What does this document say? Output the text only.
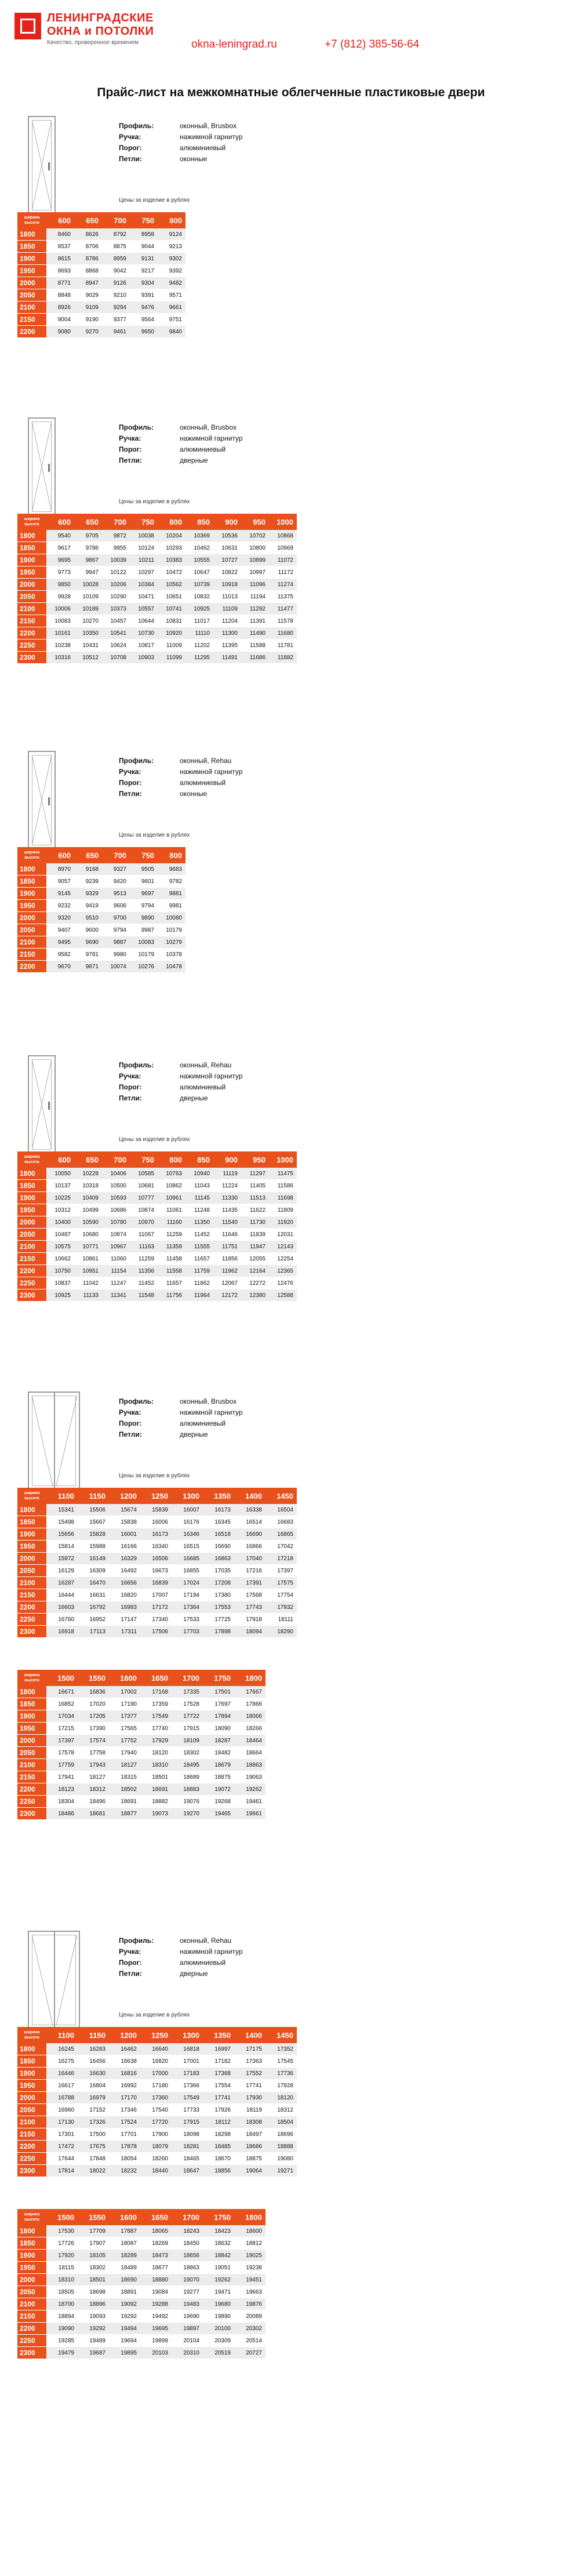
ЛЕНИНГРАДСКИЕ
ОКНА и ПОТОЛКИ
Качество, проверенное временем	okna-leningrad.ru	+7 (812) 385-56-64
Прайс-лист на межкомнатные облегченные пластиковые двери
Профиль:	оконный, Brusbox
Ручка:	нажимной гарнитур
Порог:	алюминиевый
Петли:	оконные
Цены за изделие в рублях
ширина
высота	600	650	700	750	800
1800	8460	8626	8792	8958	9124
1850	8537	8706	8875	9044	9213
1900	8615	8786	8959	9131	9302
1950	8693	8868	9042	9217	9392
2000	8771	8947	9126	9304	9482
2050	8848	9029	9210	9391	9571
2100	8926	9109	9294	9476	9661
2150	9004	9190	9377	9564	9751
2200	9080	9270	9461	9650	9840
Профиль:	оконный, Brusbox
Ручка:	нажимной гарнитур
Порог:	алюминиевый
Петли:	дверные
Цены за изделие в рублях
ширина
высота	600	650	700	750	800	850	900	950	1000
1800	9540	9705	9872	10038	10204	10369	10536	10702	10868
1850	9617	9786	9955	10124	10293	10462	10631	10800	10969
1900	9695	9867	10039	10211	10383	10555	10727	10899	11072
1950	9773	9947	10122	10297	10472	10647	10822	10997	11172
2000	9850	10028	10206	10384	10562	10739	10918	11096	11274
2050	9928	10109	10290	10471	10651	10832	11013	11194	11375
2100	10006	10189	10373	10557	10741	10925	11109	11292	11477
2150	10083	10270	10457	10644	10831	11017	11204	11391	11578
2200	10161	10350	10541	10730	10920	11110	11300	11490	11680
2250	10238	10431	10624	10817	11009	11202	11395	11588	11781
2300	10316	10512	10708	10903	11099	11295	11491	11686	11882
Профиль:	оконный, Rehau
Ручка:	нажимной гарнитур
Порог:	алюминиевый
Петли:	оконные
Цены за изделие в рублях
ширина
высота	600	650	700	750	800
1800	8970	9168	9327	9505	9683
1850	9057	9239	9420	9601	9782
1900	9145	9329	9513	9697	9881
1950	9232	9419	9606	9794	9981
2000	9320	9510	9700	9890	10080
2050	9407	9600	9794	9987	10179
2100	9495	9690	9887	10083	10279
2150	9582	9781	9980	10179	10378
2200	9670	9871	10074	10276	10478
Профиль:	оконный, Rehau
Ручка:	нажимной гарнитур
Порог:	алюминиевый
Петли:	дверные
Цены за изделие в рублях
ширина
высота	600	650	700	750	800	850	900	950	1000
1800	10050	10228	10406	10585	10763	10940	11119	11297	11475
1850	10137	10318	10500	10681	10862	11043	11224	11405	11586
1900	10225	10409	10593	10777	10961	11145	11330	11513	11698
1950	10312	10499	10686	10874	11061	11248	11435	11622	11809
2000	10400	10590	10780	10970	11160	11350	11540	11730	11920
2050	10487	10680	10874	11067	11259	11452	11646	11839	12031
2100	10575	10771	10967	11163	11359	11555	11751	11947	12143
2150	10662	10861	11060	11259	11458	11657	11856	12055	12254
2200	10750	10951	11154	11356	11558	11759	11962	12164	12365
2250	10837	11042	11247	11452	11657	11862	12067	12272	12476
2300	10925	11133	11341	11548	11756	11964	12172	12380	12588
Профиль:	оконный, Brusbox
Ручка:	нажимной гарнитур
Порог:	алюминиевый
Петли:	дверные
Цены за изделие в рублях
ширина
высота	1100	1150	1200	1250	1300	1350	1400	1450
1800	15341	15506	15674	15839	16007	16173	16338	16504
1850	15498	15667	15838	16006	16176	16345	16514	16683
1900	15656	15828	16001	16173	16346	16518	16690	16865
1950	15814	15988	16166	16340	16515	16690	16866	17042
2000	15972	16149	16329	16506	16685	16863	17040	17218
2050	16129	16309	16492	16673	16855	17035	17216	17397
2100	16287	16470	16656	16839	17024	17208	17391	17575
2150	16444	16631	16820	17007	17194	17380	17568	17754
2200	16603	16792	16983	17172	17364	17553	17743	17932
2250	16760	16952	17147	17340	17533	17725	17918	18111
2300	16918	17113	17311	17506	17703	17898	18094	18290
ширина
высота	1500	1550	1600	1650	1700	1750	1800
1800	16671	16836	17002	17168	17335	17501	17667
1850	16852	17020	17190	17359	17528	17697	17866
1900	17034	17205	17377	17549	17722	17894	18066
1950	17215	17390	17565	17740	17915	18090	18266
2000	17397	17574	17752	17929	18109	18287	18464
2050	17578	17758	17940	18120	18302	18482	18664
2100	17759	17943	18127	18310	18495	18679	18863
2150	17941	18127	18315	18501	18689	18875	19063
2200	18123	18312	18502	18691	18883	19072	19262
2250	18304	18496	18691	18882	19076	19268	19461
2300	18486	18681	18877	19073	19270	19465	19661
Профиль:	оконный, Rehau
Ручка:	нажимной гарнитур
Порог:	алюминиевый
Петли:	дверные
Цены за изделие в рублях
ширина
высота	1100	1150	1200	1250	1300	1350	1400	1450
1800	16245	16283	16462	16640	16818	16997	17175	17352
1850	16275	16456	16638	16820	17001	17182	17363	17545
1900	16446	16630	16816	17000	17183	17368	17552	17736
1950	16617	16804	16992	17180	17366	17554	17741	17928
2000	16788	16979	17170	17360	17549	17741	17930	18120
2050	16960	17152	17346	17540	17733	17926	18119	18312
2100	17130	17326	17524	17720	17915	18112	18308	18504
2150	17301	17500	17701	17900	18098	18298	18497	18696
2200	17472	17675	17878	18079	18281	18485	18686	18888
2250	17644	17848	18054	18260	18465	18670	18875	19080
2300	17814	18022	18232	18440	18647	18856	19064	19271
ширина
высота	1500	1550	1600	1650	1700	1750	1800
1800	17530	17709	17887	18065	18243	18423	18600
1850	17726	17907	18087	18269	18450	18632	18812
1900	17920	18105	18289	18473	18656	18842	19025
1950	18115	18302	18489	18677	18863	19051	19238
2000	18310	18501	18690	18880	19070	19262	19451
2050	18505	18698	18891	19084	19277	19471	19663
2100	18700	18896	19092	19288	19483	19680	19876
2150	18894	19093	19292	19492	19690	19890	20089
2200	19090	19292	19494	19695	19897	20100	20302
2250	19285	19489	19694	19899	20104	20309	20514
2300	19479	19687	19895	20103	20310	20519	20727
